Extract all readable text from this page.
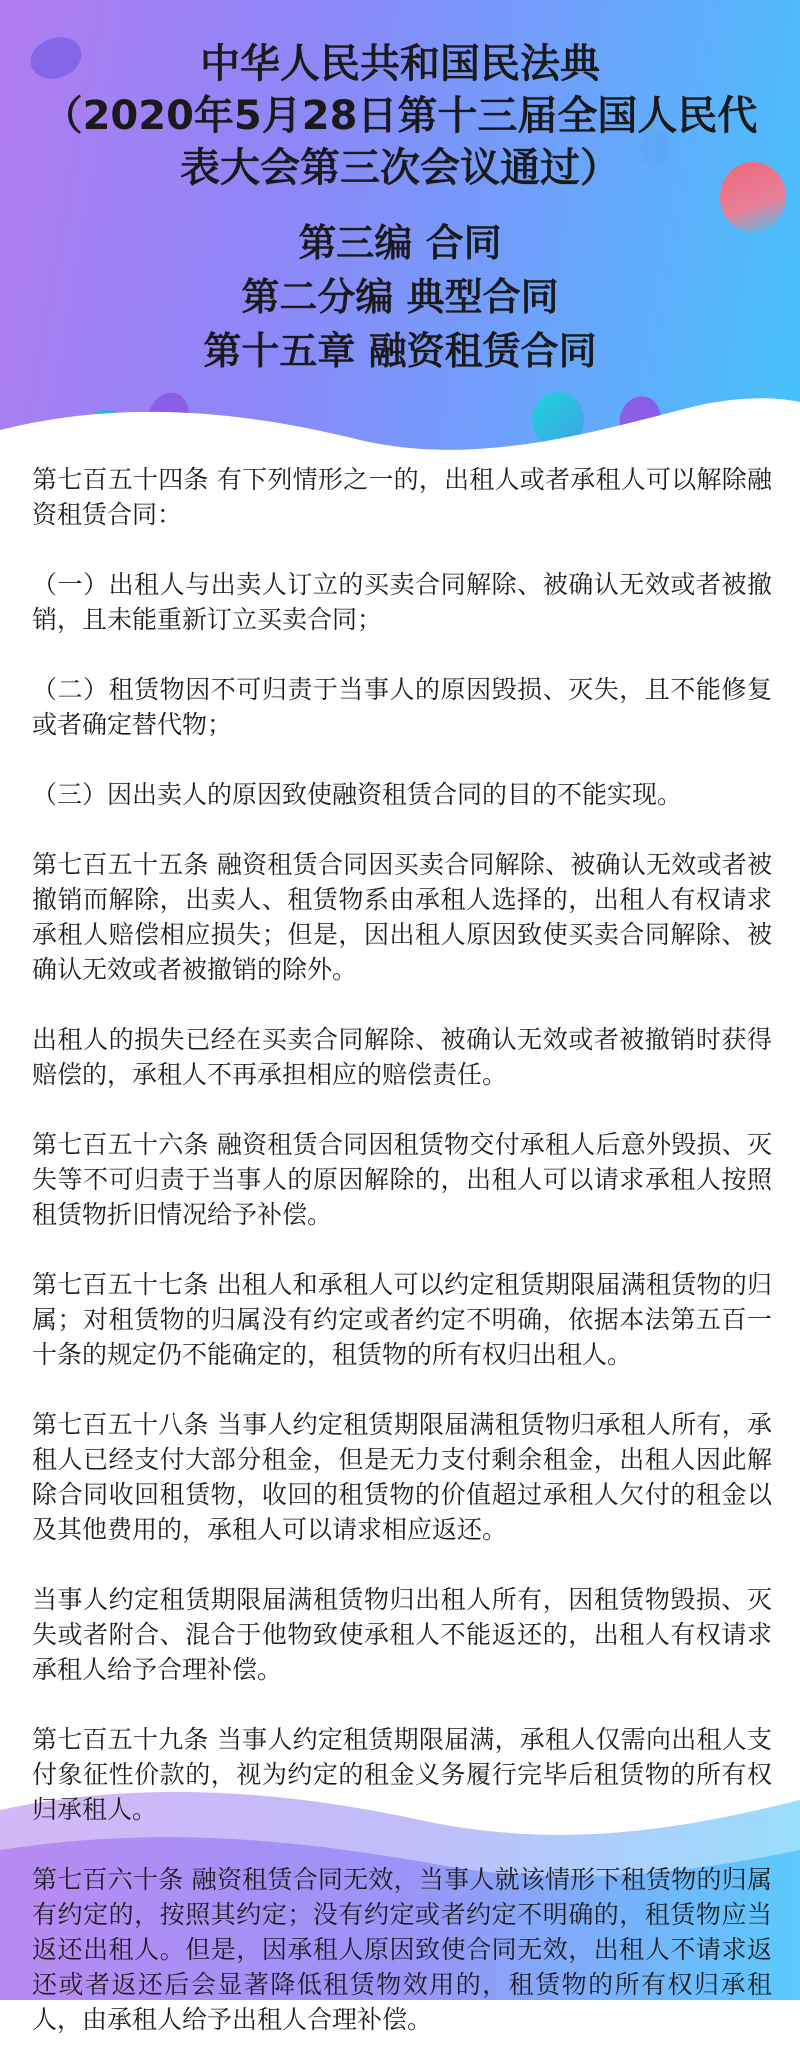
中华人民共和国民法典

（2020年5月28日第十三届全国人民代

表大会第三次会议通过）

第三编 合同

第二分编 典型合同

第十五章 融资租赁合同

第七百五十四条 有下列情形之一的，出租人或者承租人可以解除融资租赁合同：

（一）出租人与出卖人订立的买卖合同解除、被确认无效或者被撤销，且未能重新订立买卖合同；

（二）租赁物因不可归责于当事人的原因毁损、灭失，且不能修复或者确定替代物；

（三）因出卖人的原因致使融资租赁合同的目的不能实现。

第七百五十五条 融资租赁合同因买卖合同解除、被确认无效或者被撤销而解除，出卖人、租赁物系由承租人选择的，出租人有权请求承租人赔偿相应损失；但是，因出租人原因致使买卖合同解除、被确认无效或者被撤销的除外。

出租人的损失已经在买卖合同解除、被确认无效或者被撤销时获得赔偿的，承租人不再承担相应的赔偿责任。

第七百五十六条 融资租赁合同因租赁物交付承租人后意外毁损、灭失等不可归责于当事人的原因解除的，出租人可以请求承租人按照租赁物折旧情况给予补偿。

第七百五十七条 出租人和承租人可以约定租赁期限届满租赁物的归属；对租赁物的归属没有约定或者约定不明确，依据本法第五百一十条的规定仍不能确定的，租赁物的所有权归出租人。

第七百五十八条 当事人约定租赁期限届满租赁物归承租人所有，承租人已经支付大部分租金，但是无力支付剩余租金，出租人因此解除合同收回租赁物，收回的租赁物的价值超过承租人欠付的租金以及其他费用的，承租人可以请求相应返还。

当事人约定租赁期限届满租赁物归出租人所有，因租赁物毁损、灭失或者附合、混合于他物致使承租人不能返还的，出租人有权请求承租人给予合理补偿。

第七百五十九条 当事人约定租赁期限届满，承租人仅需向出租人支付象征性价款的，视为约定的租金义务履行完毕后租赁物的所有权归承租人。

第七百六十条 融资租赁合同无效，当事人就该情形下租赁物的归属有约定的，按照其约定；没有约定或者约定不明确的，租赁物应当返还出租人。但是，因承租人原因致使合同无效，出租人不请求返还或者返还后会显著降低租赁物效用的，租赁物的所有权归承租人，由承租人给予出租人合理补偿。
